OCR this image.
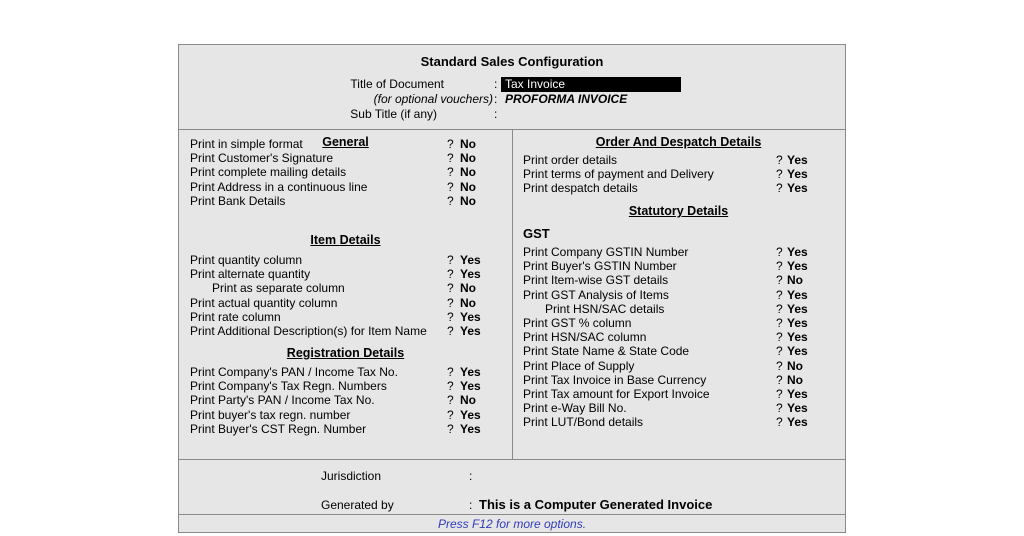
Standard Sales Configuration
Title of Document	: Tax Invoice
(for optional vouchers) : PROFORMA INVOICE
Sub Title (if any)	:
General
Print in simple format	? No
Print Customer's Signature	? No
Print complete mailing details	? No
Print Address in a continuous line	? No
Print Bank Details	? No
Item Details
Print quantity column	? Yes
Print alternate quantity	? Yes
Print as separate column	? No
Print actual quantity column	? No
Print rate column	? Yes
Print Additional Description(s) for Item Name ? Yes
Registration Details
Print Company's PAN / Income Tax No.	? Yes
Print Company's Tax Regn. Numbers	? Yes
Print Party's PAN / Income Tax No.	? No
Print buyer's tax regn. number	? Yes
Print Buyer's CST Regn. Number	? Yes
Order And Despatch Details
Print order details	? Yes
Print terms of payment and Delivery	? Yes
Print despatch details	? Yes
Statutory Details
GST
Print Company GSTIN Number	? Yes
Print Buyer's GSTIN Number	? Yes
Print Item-wise GST details	? No
Print GST Analysis of Items	? Yes
Print HSN/SAC details	? Yes
Print GST % column	? Yes
Print HSN/SAC column	? Yes
Print State Name & State Code	? Yes
Print Place of Supply	? No
Print Tax Invoice in Base Currency	? No
Print Tax amount for Export Invoice	? Yes
Print e-Way Bill No.	? Yes
Print LUT/Bond details	? Yes
Jurisdiction	:
Generated by	: This is a Computer Generated Invoice
Press F12 for more options.
